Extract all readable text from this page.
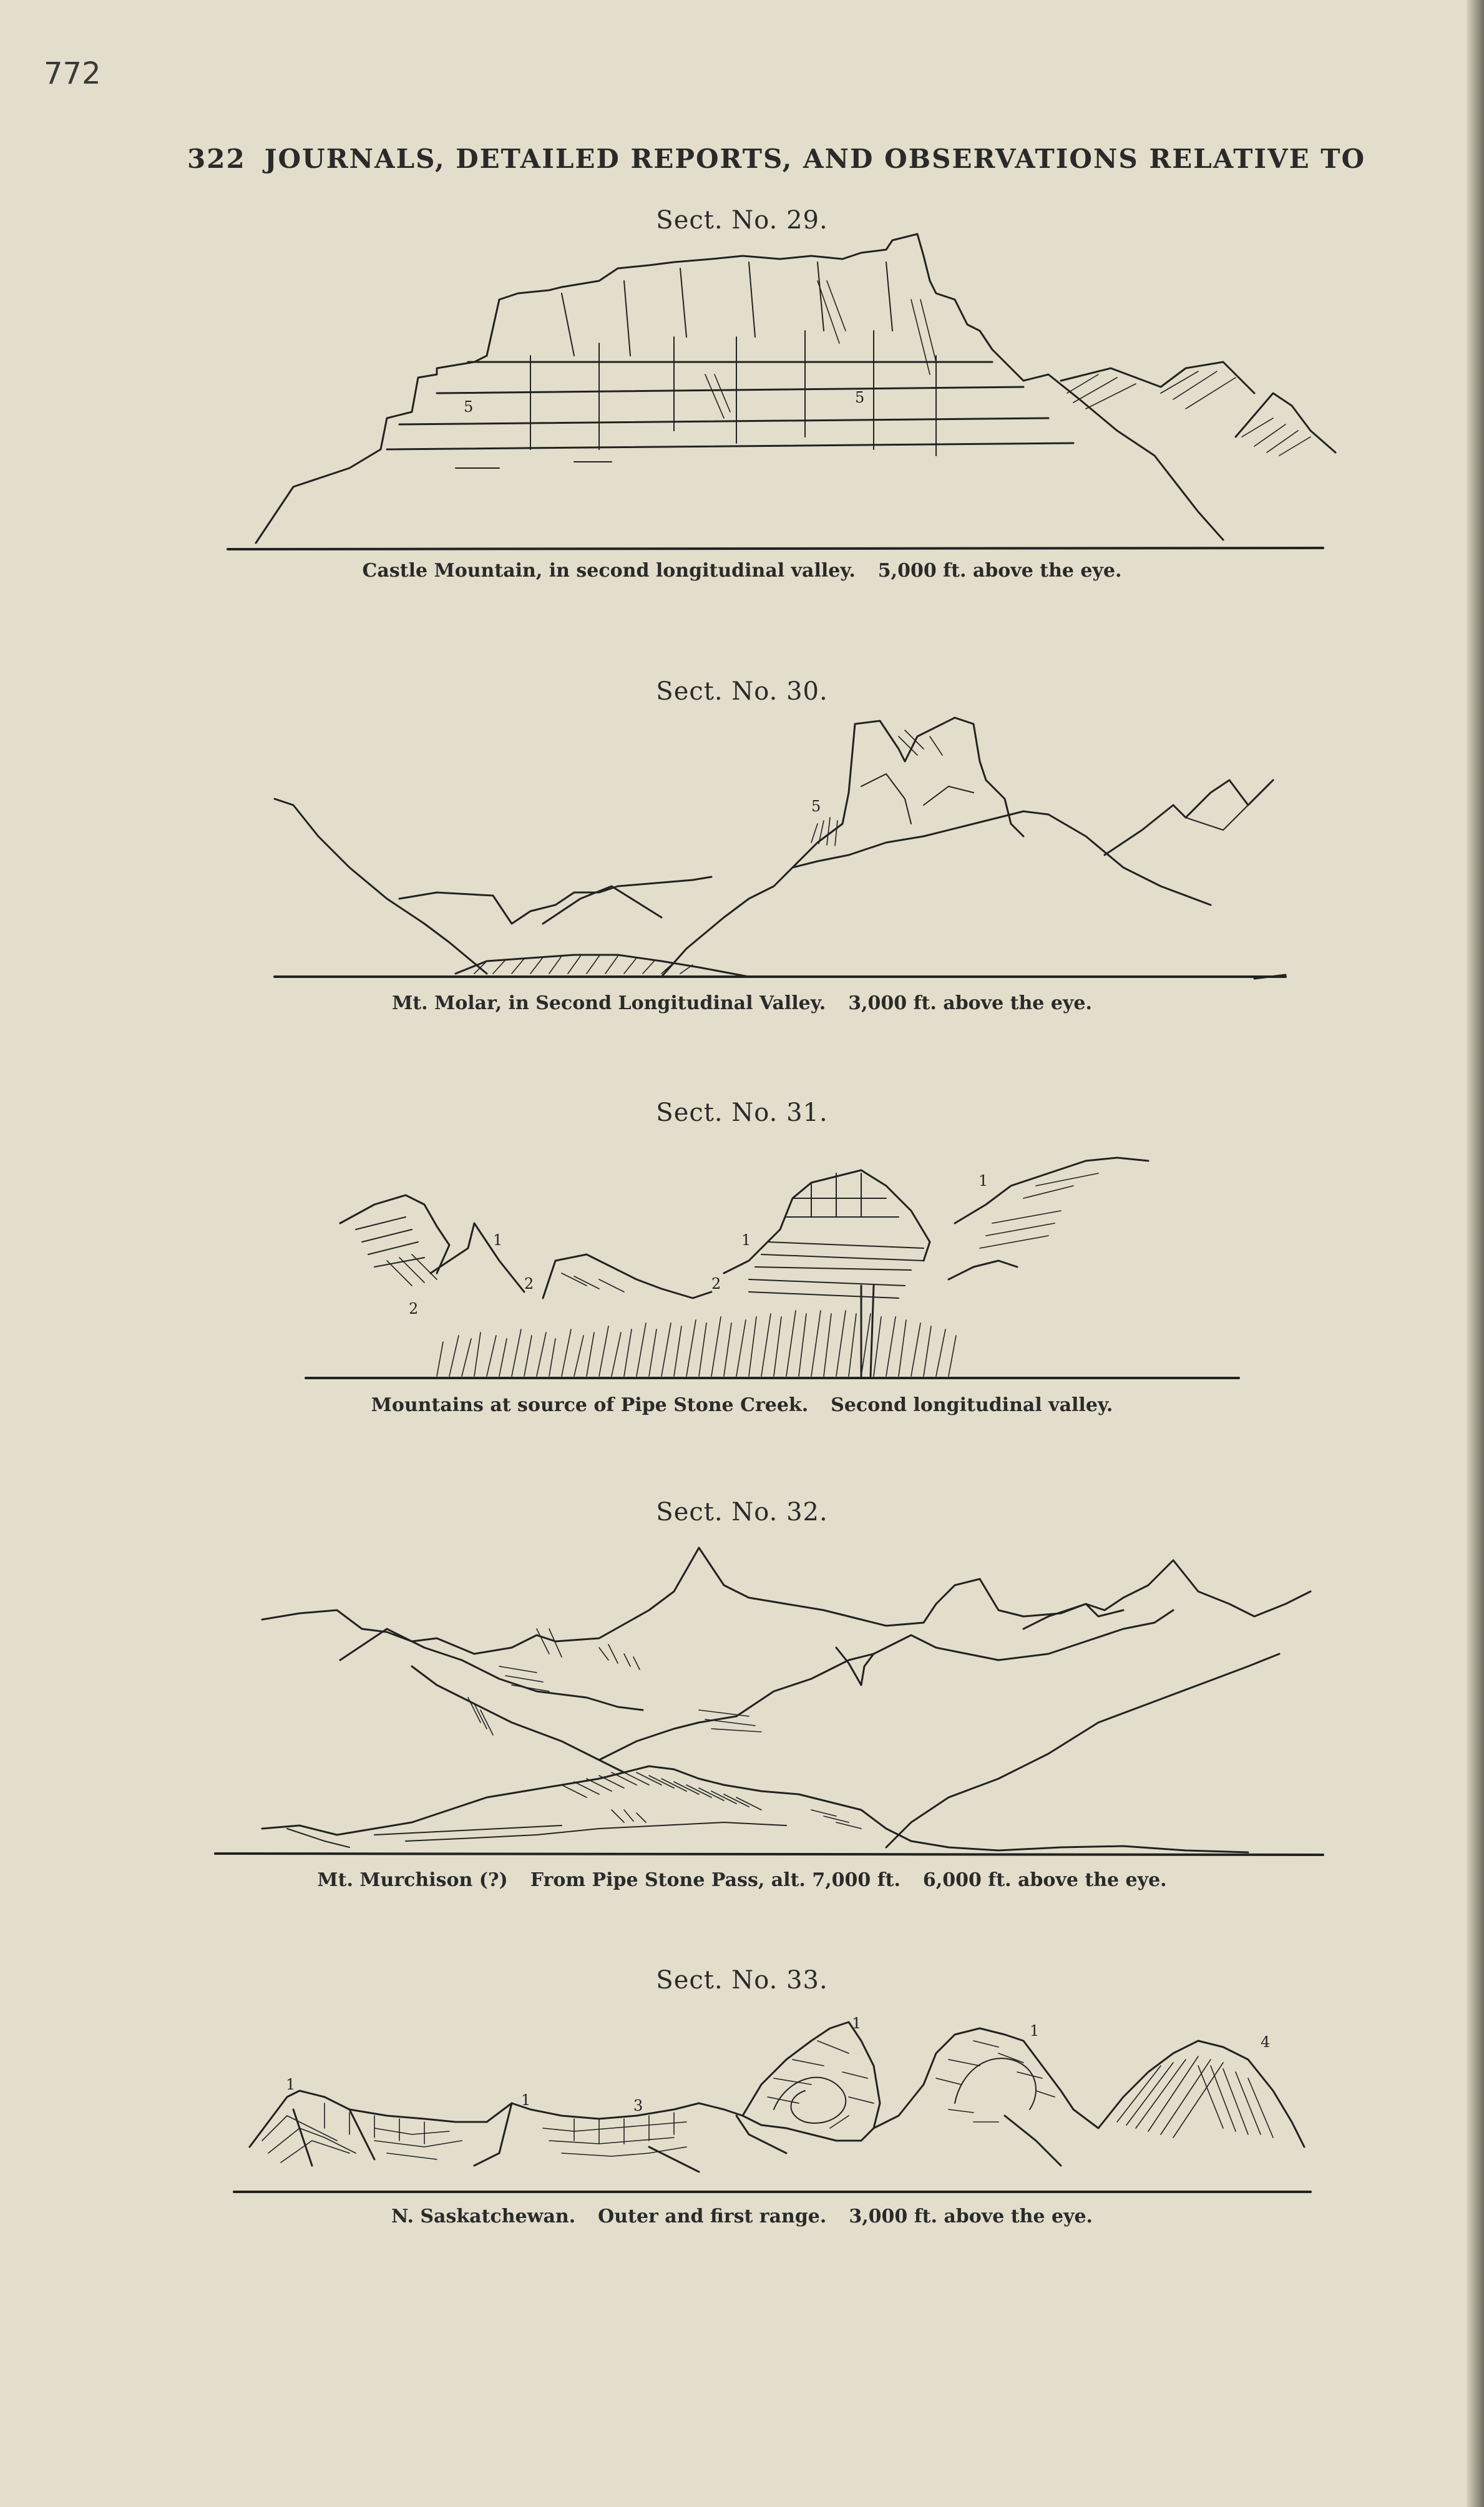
772
322 JOURNALS, DETAILED REPORTS, AND OBSERVATIONS RELATIVE TO
Sect. No. 29.
5
5
Castle Mountain, in second longitudinal valley. 5,000 ft. above the eye.
Sect. No. 30.
5
Mt. Molar, in Second Longitudinal Valley. 3,000 ft. above the eye.
Sect. No. 31.
1	1
1
2	2
2
Mountains at source of Pipe Stone Creek. Second longitudinal valley.
Sect. No. 32.
Mt. Murchison (?) From Pipe Stone Pass, alt. 7,000 ft. 6,000 ft. above the eye.
Sect. No. 33.
1
1	3
1	1
4
N. Saskatchewan. Outer and first range. 3,000 ft. above the eye.
